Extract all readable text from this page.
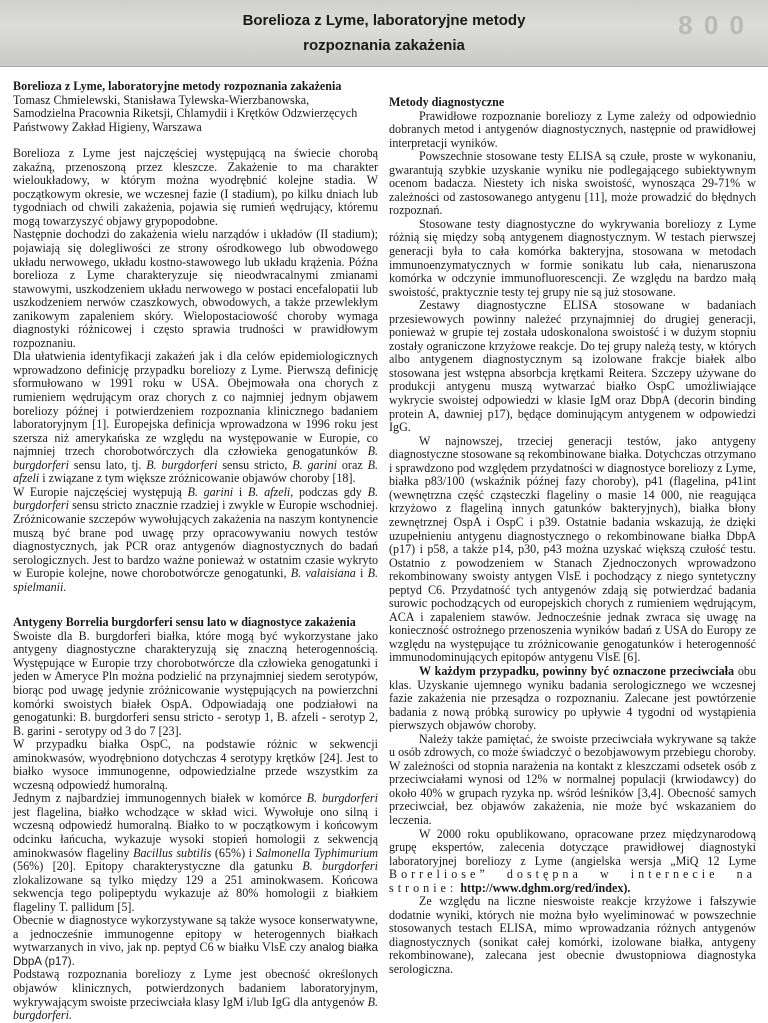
8 0 0
Borelioza z Lyme, laboratoryjne metody
rozpoznania zakażenia

Borelioza z Lyme, laboratoryjne metody rozpoznania zakażenia

Tomasz Chmielewski, Stanisława Tylewska-Wierzbanowska,

Samodzielna Pracownia Riketsji, Chlamydii i Krętków Odzwierzęcych

Państwowy Zakład Higieny, Warszawa

Borelioza z Lyme jest najczęściej występującą na świecie chorobą zakaźną, przenoszoną przez kleszcze. Zakażenie to ma charakter wieloukładowy, w którym można wyodrębnić kolejne stadia. W początkowym okresie, we wczesnej fazie (I stadium), po kilku dniach lub tygodniach od chwili zakażenia, pojawia się rumień wędrujący, któremu mogą towarzyszyć objawy grypopodobne.

Następnie dochodzi do zakażenia wielu narządów i układów (II stadium); pojawiają się dolegliwości ze strony ośrodkowego lub obwodowego układu nerwowego, układu kostno-stawowego lub układu krążenia. Późna borelioza z Lyme charakteryzuje się nieodwracalnymi zmianami stawowymi, uszkodzeniem układu nerwowego w postaci encefalopatii lub uszkodzeniem nerwów czaszkowych, obwodowych, a także przewlekłym zanikowym zapaleniem skóry. Wielopostaciowość choroby wymaga diagnostyki różnicowej i często sprawia trudności w prawidłowym rozpoznaniu.

Dla ułatwienia identyfikacji zakażeń jak i dla celów epidemiologicznych wprowadzono definicję przypadku boreliozy z Lyme. Pierwszą definicję sformułowano w 1991 roku w USA. Obejmowała ona chorych z rumieniem wędrującym oraz chorych z co najmniej jednym objawem boreliozy późnej i potwierdzeniem rozpoznania klinicznego badaniem laboratoryjnym [1]. Europejska definicja wprowadzona w 1996 roku jest szersza niż amerykańska ze względu na występowanie w Europie, co najmniej trzech chorobotwórczych dla człowieka genogatunków B. burgdorferi sensu lato, tj. B. burgdorferi sensu stricto, B. garini oraz B. afzeli i związane z tym większe zróżnicowanie objawów choroby [18].

W Europie najczęściej występują B. garini i B. afzeli, podczas gdy B. burgdorferi sensu stricto znacznie rzadziej i zwykle w Europie wschodniej. Zróżnicowanie szczepów wywołujących zakażenia na naszym kontynencie muszą być brane pod uwagę przy opracowywaniu nowych testów diagnostycznych, jak PCR oraz antygenów diagnostycznych do badań serologicznych. Jest to bardzo ważne ponieważ w ostatnim czasie wykryto w Europie kolejne, nowe chorobotwórcze genogatunki, B. valaisiana i B. spielmanii.

Antygeny Borrelia burgdorferi sensu lato w diagnostyce zakażenia

Swoiste dla B. burgdorferi białka, które mogą być wykorzystane jako antygeny diagnostyczne charakteryzują się znaczną heterogennością. Występujące w Europie trzy chorobotwórcze dla człowieka genogatunki i jeden w Ameryce Pln można podzielić na przynajmniej siedem serotypów, biorąc pod uwagę jedynie zróżnicowanie występujących na powierzchni komórki swoistych białek OspA. Odpowiadają one podziałowi na genogatunki: B. burgdorferi sensu stricto - serotyp 1, B. afzeli - serotyp 2, B. garini - serotypy od 3 do 7 [23].

W przypadku białka OspC, na podstawie różnic w sekwencji aminokwasów, wyodrębniono dotychczas 4 serotypy krętków [24]. Jest to białko wysoce immunogenne, odpowiedzialne przede wszystkim za wczesną odpowiedź humoralną.

Jednym z najbardziej immunogennych białek w komórce B. burgdorferi jest flagelina, białko wchodzące w skład wici. Wywołuje ono silną i wczesną odpowiedź humoralną. Białko to w początkowym i końcowym odcinku łańcucha, wykazuje wysoki stopień homologii z sekwencją aminokwasów flageliny Bacillus subtilis (65%) i Salmonella Typhimurium (56%) [20]. Epitopy charakterystyczne dla gatunku B. burgdorferi zlokalizowane są tylko między 129 a 251 aminokwasem. Końcowa sekwencja tego polipeptydu wykazuje aż 80% homologii z białkiem flageliny T. pallidum [5].

Obecnie w diagnostyce wykorzystywane są także wysoce konserwatywne, a jednocześnie immunogenne epitopy w heterogennych białkach wytwarzanych in vivo, jak np. peptyd C6 w białku VlsE czy analog białka DbpA (p17).

Podstawą rozpoznania boreliozy z Lyme jest obecność określonych objawów klinicznych, potwierdzonych badaniem laboratoryjnym, wykrywającym swoiste przeciwciała klasy IgM i/lub IgG dla antygenów B. burgdorferi.

Metody diagnostyczne

Prawidłowe rozpoznanie boreliozy z Lyme zależy od odpowiednio dobranych metod i antygenów diagnostycznych, następnie od prawidłowej interpretacji wyników.

Powszechnie stosowane testy ELISA są czułe, proste w wykonaniu, gwarantują szybkie uzyskanie wyniku nie podlegającego subiektywnym ocenom badacza. Niestety ich niska swoistość, wynosząca 29-71% w zależności od zastosowanego antygenu [11], może prowadzić do błędnych rozpoznań.

Stosowane testy diagnostyczne do wykrywania boreliozy z Lyme różnią się między sobą antygenem diagnostycznym. W testach pierwszej generacji była to cała komórka bakteryjna, stosowana w metodach immunoenzymatycznych w formie sonikatu lub cała, nienaruszona komórka w odczynie immunofluorescencji. Ze względu na bardzo małą swoistość, praktycznie testy tej grupy nie są już stosowane.

Zestawy diagnostyczne ELISA stosowane w badaniach przesiewowych powinny należeć przynajmniej do drugiej generacji, ponieważ w grupie tej została udoskonalona swoistość i w dużym stopniu zostały ograniczone krzyżowe reakcje. Do tej grupy należą testy, w których albo antygenem diagnostycznym są izolowane frakcje białek albo stosowana jest wstępna absorbcja krętkami Reitera. Szczepy używane do produkcji antygenu muszą wytwarzać białko OspC umożliwiające wykrycie swoistej odpowiedzi w klasie IgM oraz DbpA (decorin binding protein A, dawniej p17), będące dominującym antygenem w odpowiedzi IgG.

W najnowszej, trzeciej generacji testów, jako antygeny diagnostyczne stosowane są rekombinowane białka. Dotychczas otrzymano i sprawdzono pod względem przydatności w diagnostyce boreliozy z Lyme, białka p83/100 (wskaźnik późnej fazy choroby), p41 (flagelina, p41int (wewnętrzna część cząsteczki flageliny o masie 14 000, nie reagująca krzyżowo z flageliną innych gatunków bakteryjnych), białka błony zewnętrznej OspA i OspC i p39. Ostatnie badania wskazują, że dzięki uzupełnieniu antygenu diagnostycznego o rekombinowane białka DbpA (p17) i p58, a także p14, p30, p43 można uzyskać większą czułość testu. Ostatnio z powodzeniem w Stanach Zjednoczonych wprowadzono rekombinowany swoisty antygen VlsE i pochodzący z niego syntetyczny peptyd C6. Przydatność tych antygenów zdają się potwierdzać badania surowic pochodzących od europejskich chorych z rumieniem wędrującym, ACA i zapaleniem stawów. Jednocześnie jednak zwraca się uwagę na konieczność ostrożnego przenoszenia wyników badań z USA do Europy ze względu na występujące tu zróżnicowanie genogatunków i heterogenność immunodominujących epitopów antygenu VlsE [6].

W każdym przypadku, powinny być oznaczone przeciwciała obu klas. Uzyskanie ujemnego wyniku badania serologicznego we wczesnej fazie zakażenia nie przesądza o rozpoznaniu. Zalecane jest powtórzenie badania z nową próbką surowicy po upływie 4 tygodni od wystąpienia pierwszych objawów choroby.

Należy także pamiętać, że swoiste przeciwciała wykrywane są także u osób zdrowych, co może świadczyć o bezobjawowym przebiegu choroby. W zależności od stopnia narażenia na kontakt z kleszczami odsetek osób z przeciwciałami wynosi od 12% w normalnej populacji (krwiodawcy) do około 40% w grupach ryzyka np. wśród leśników [3,4]. Obecność samych przeciwciał, bez objawów zakażenia, nie może być wskazaniem do leczenia.

W 2000 roku opublikowano, opracowane przez międzynarodową grupę ekspertów, zalecenia dotyczące prawidłowej diagnostyki laboratoryjnej boreliozy z Lyme (angielska wersja „MiQ 12 Lyme Borreliose” dostępna w internecie na stronie: http://www.dghm.org/red/index).

Ze względu na liczne nieswoiste reakcje krzyżowe i fałszywie dodatnie wyniki, których nie można było wyeliminować w powszechnie stosowanych testach ELISA, mimo wprowadzania różnych antygenów diagnostycznych (sonikat całej komórki, izolowane białka, antygeny rekombinowane), zalecana jest obecnie dwustopniowa diagnostyka serologiczna.
